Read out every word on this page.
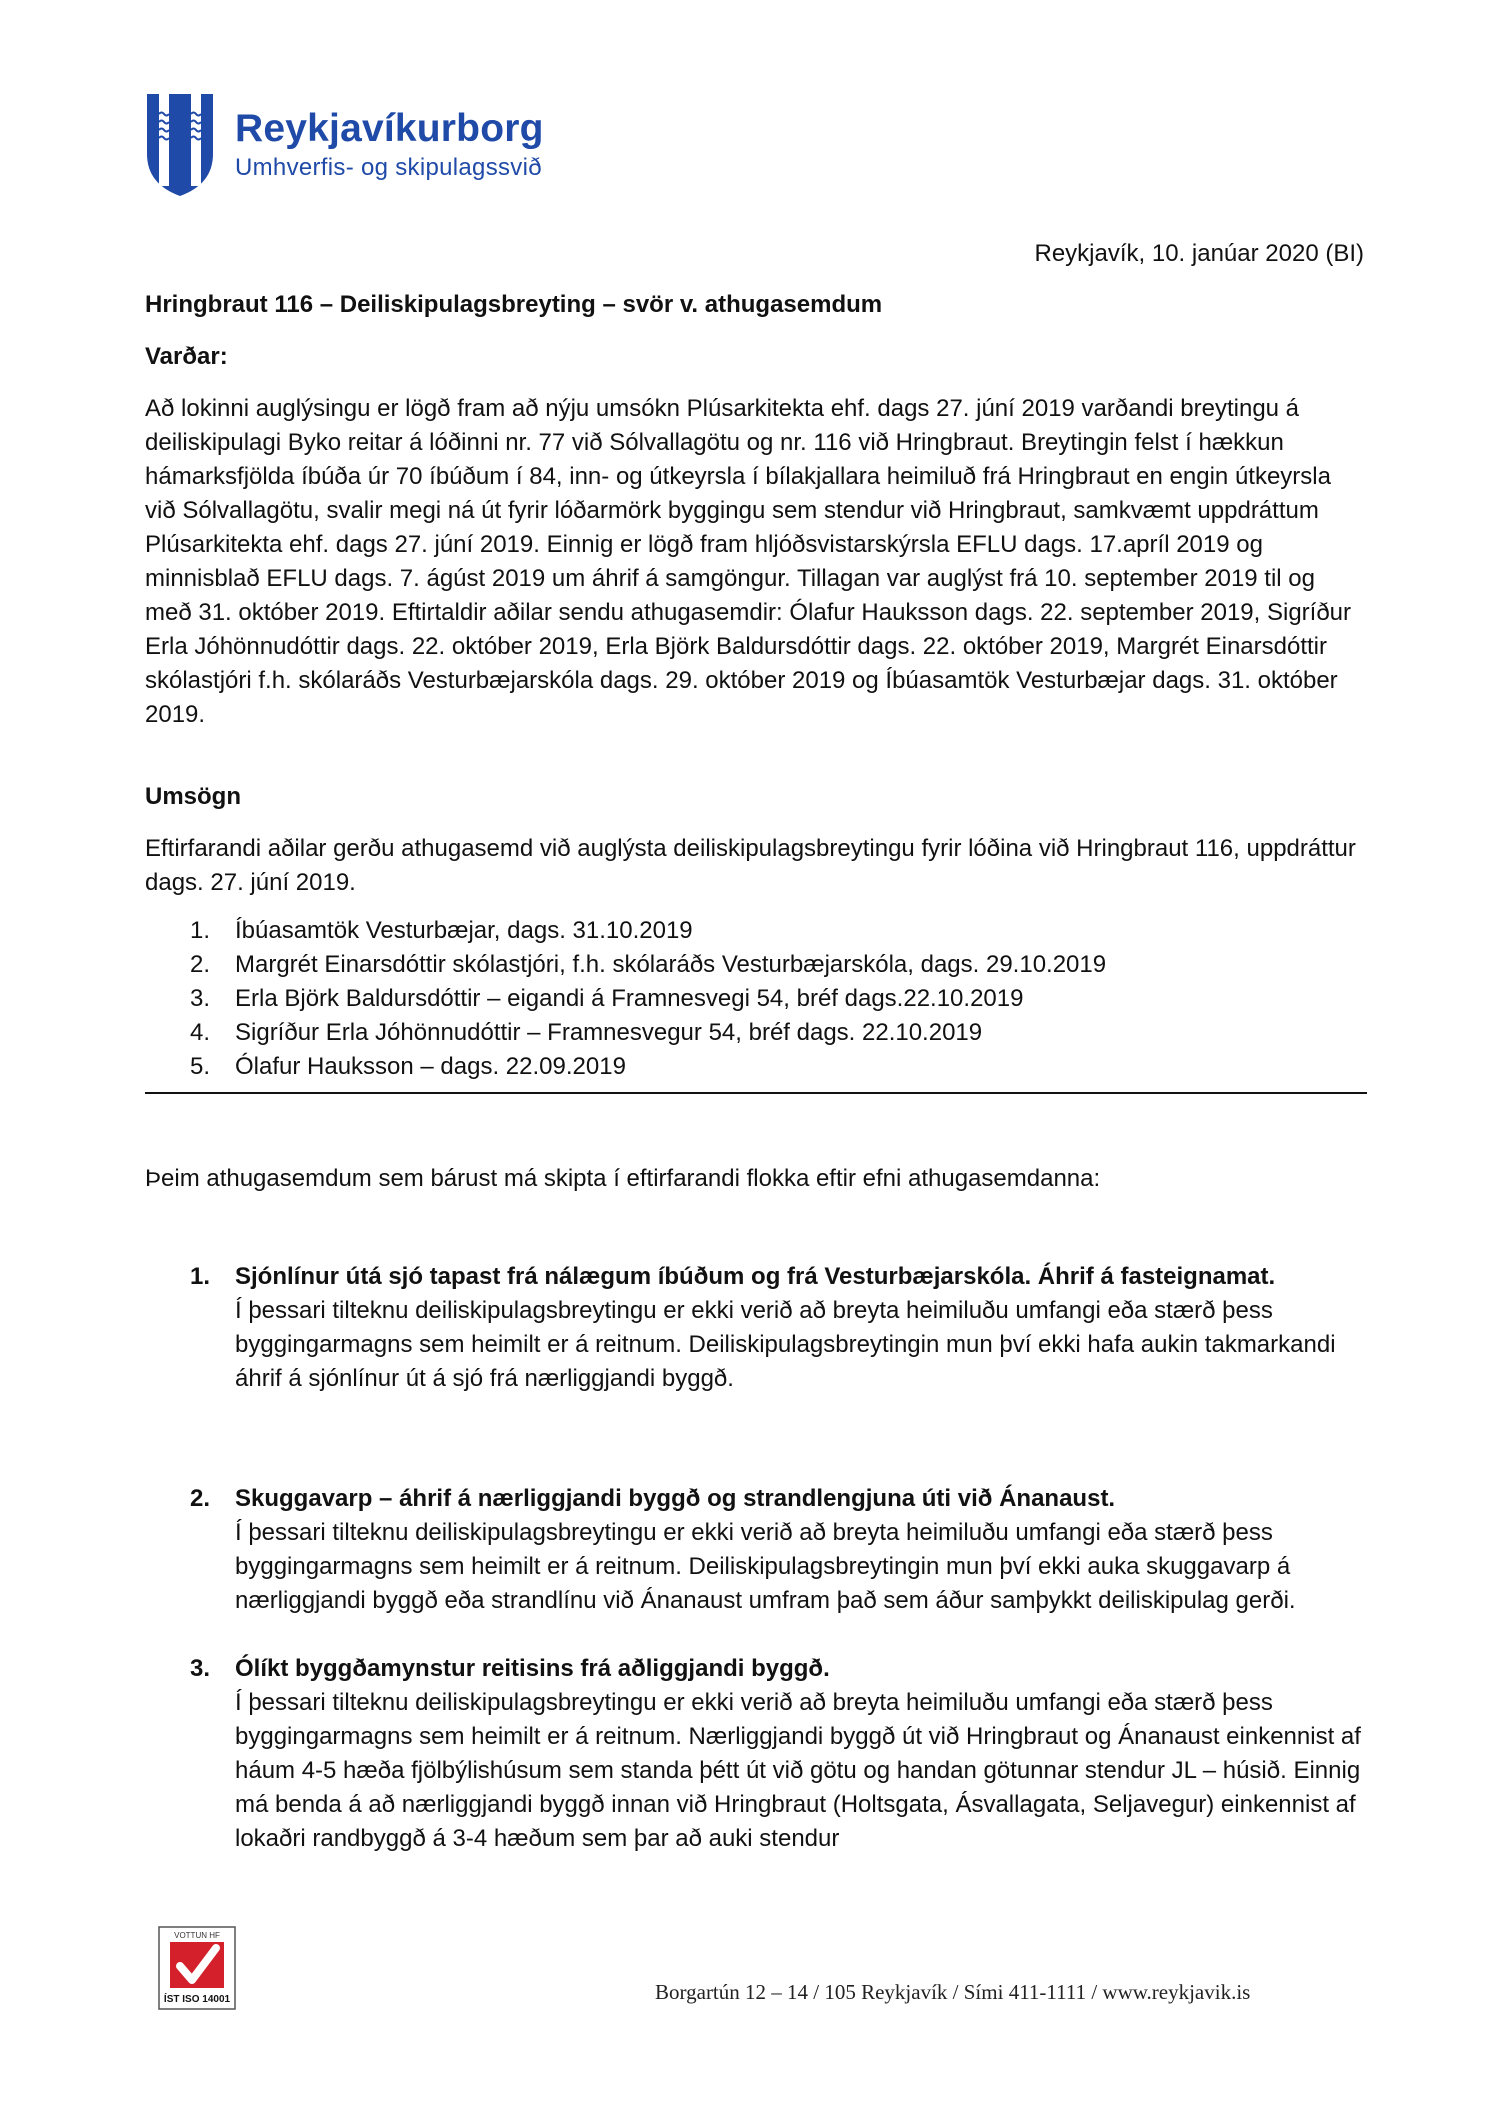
Reykjavíkurborg
Umhverfis- og skipulagssvið
Reykjavík, 10. janúar 2020 (BI)

Hringbraut 116 – Deiliskipulagsbreyting – svör v. athugasemdum

Varðar:

Að lokinni auglýsingu er lögð fram að nýju umsókn Plúsarkitekta ehf. dags 27. júní 2019 varðandi breytingu á deiliskipulagi Byko reitar á lóðinni nr. 77 við Sólvallagötu og nr. 116 við Hringbraut. Breytingin felst í hækkun hámarksfjölda íbúða úr 70 íbúðum í 84, inn- og útkeyrsla í bílakjallara heimiluð frá Hringbraut en engin útkeyrsla við Sólvallagötu, svalir megi ná út fyrir lóðarmörk byggingu sem stendur við Hringbraut, samkvæmt uppdráttum Plúsarkitekta ehf. dags 27. júní 2019. Einnig er lögð fram hljóðsvistarskýrsla EFLU dags. 17.apríl 2019 og minnisblað EFLU dags. 7. ágúst 2019 um áhrif á samgöngur. Tillagan var auglýst frá 10. september 2019 til og með 31. október 2019. Eftirtaldir aðilar sendu athugasemdir: Ólafur Hauksson dags. 22. september 2019, Sigríður Erla Jóhönnudóttir dags. 22. október 2019, Erla Björk Baldursdóttir dags. 22. október 2019, Margrét Einarsdóttir skólastjóri f.h. skólaráðs Vesturbæjarskóla dags. 29. október 2019 og Íbúasamtök Vesturbæjar dags. 31. október 2019.

Umsögn

Eftirfarandi aðilar gerðu athugasemd við auglýsta deiliskipulagsbreytingu fyrir lóðina við Hringbraut 116, uppdráttur dags. 27. júní 2019.

1.	Íbúasamtök Vesturbæjar, dags. 31.10.2019
2.	Margrét Einarsdóttir skólastjóri, f.h. skólaráðs Vesturbæjarskóla, dags. 29.10.2019
3.	Erla Björk Baldursdóttir – eigandi á Framnesvegi 54, bréf dags.22.10.2019
4.	Sigríður Erla Jóhönnudóttir – Framnesvegur 54, bréf dags. 22.10.2019
5.	Ólafur Hauksson – dags. 22.09.2019

Þeim athugasemdum sem bárust má skipta í eftirfarandi flokka eftir efni athugasemdanna:

1.	Sjónlínur útá sjó tapast frá nálægum íbúðum og frá Vesturbæjarskóla. Áhrif á fasteignamat.

Í þessari tilteknu deiliskipulagsbreytingu er ekki verið að breyta heimiluðu umfangi eða stærð þess byggingarmagns sem heimilt er á reitnum. Deiliskipulagsbreytingin mun því ekki hafa aukin takmarkandi áhrif á sjónlínur út á sjó frá nærliggjandi byggð.

2.	Skuggavarp – áhrif á nærliggjandi byggð og strandlengjuna úti við Ánanaust.

Í þessari tilteknu deiliskipulagsbreytingu er ekki verið að breyta heimiluðu umfangi eða stærð þess byggingarmagns sem heimilt er á reitnum. Deiliskipulagsbreytingin mun því ekki auka skuggavarp á nærliggjandi byggð eða strandlínu við Ánanaust umfram það sem áður samþykkt deiliskipulag gerði.

3.	Ólíkt byggðamynstur reitisins frá aðliggjandi byggð.

Í þessari tilteknu deiliskipulagsbreytingu er ekki verið að breyta heimiluðu umfangi eða stærð þess byggingarmagns sem heimilt er á reitnum. Nærliggjandi byggð út við Hringbraut og Ánanaust einkennist af háum 4-5 hæða fjölbýlishúsum sem standa þétt út við götu og handan götunnar stendur JL – húsið. Einnig má benda á að nærliggjandi byggð innan við Hringbraut (Holtsgata, Ásvallagata, Seljavegur) einkennist af lokaðri randbyggð á 3-4 hæðum sem þar að auki stendur

VOTTUN HF
ÍST ISO 14001	Borgartún 12 – 14 / 105 Reykjavík / Sími 411-1111 / www.reykjavik.is
